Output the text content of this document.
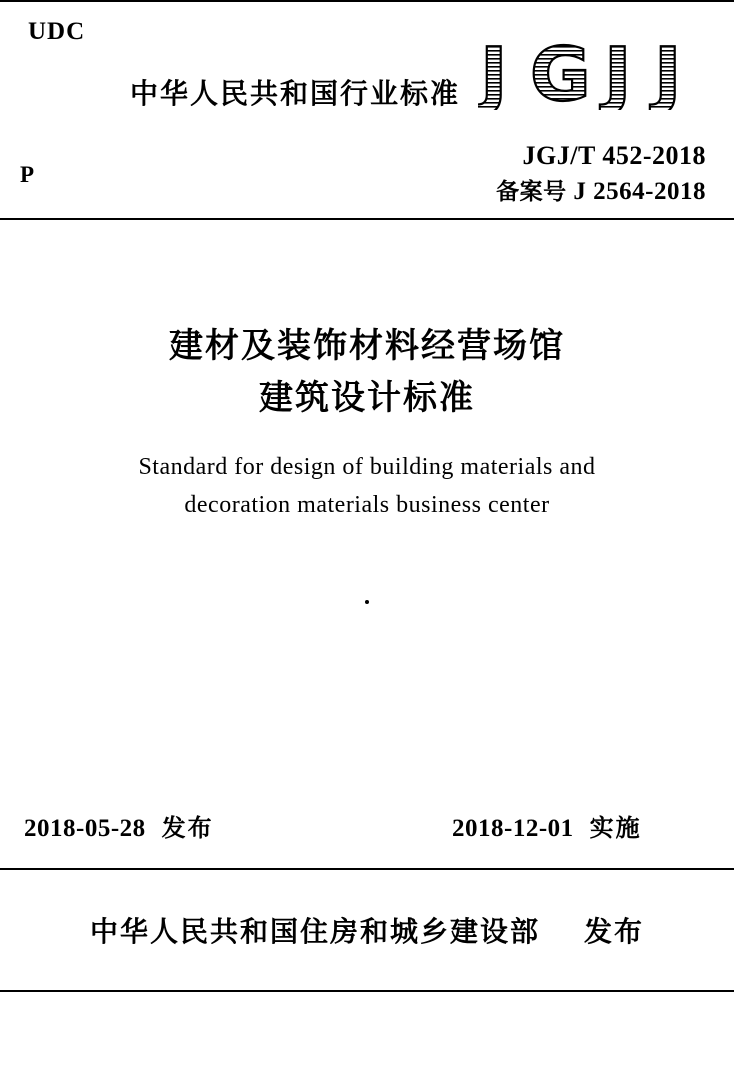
UDC
P
中华人民共和国行业标准 J G J J
JGJ/T 452-2018
备案号 J 2564-2018
建材及装饰材料经营场馆
建筑设计标准
Standard for design of building materials and
decoration materials business center
2018-05-28 发布	2018-12-01 实施
中华人民共和国住房和城乡建设部 发布
